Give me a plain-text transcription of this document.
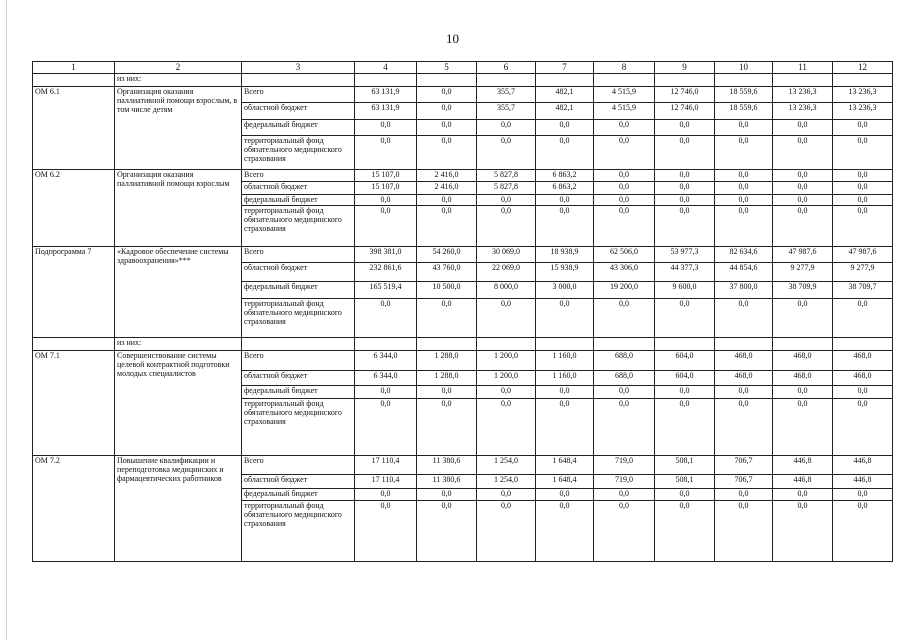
10
1	2	3	4	5	6	7	8	9	10	11	12
	из них:										
ОМ 6.1	Организация оказания паллиативной помощи взрослым, в том числе детям	Всего	63 131,9	0,0	355,7	482,1	4 515,9	12 746,0	18 559,6	13 236,3	13 236,3
		областной бюджет	63 131,9	0,0	355,7	482,1	4 515,9	12 746,0	18 559,6	13 236,3	13 236,3
		федеральный бюджет	0,0	0,0	0,0	0,0	0,0	0,0	0,0	0,0	0,0
		территориальный фонд обязательного медицинского страхования	0,0	0,0	0,0	0,0	0,0	0,0	0,0	0,0	0,0
ОМ 6.2	Организация оказания паллиативной помощи взрослым	Всего	15 107,0	2 416,0	5 827,8	6 863,2	0,0	0,0	0,0	0,0	0,0
		областной бюджет	15 107,0	2 416,0	5 827,8	6 863,2	0,0	0,0	0,0	0,0	0,0
		федеральный бюджет	0,0	0,0	0,0	0,0	0,0	0,0	0,0	0,0	0,0
		территориальный фонд обязательного медицинского страхования	0,0	0,0	0,0	0,0	0,0	0,0	0,0	0,0	0,0
Подпрограмма 7	«Кадровое обеспечение системы здравоохранения»***	Всего	398 381,0	54 260,0	30 069,0	18 938,9	62 506,0	53 977,3	82 634,6	47 987,6	47 987,6
		областной бюджет	232 861,6	43 760,0	22 069,0	15 938,9	43 306,0	44 377,3	44 854,6	9 277,9	9 277,9
		федеральный бюджет	165 519,4	10 500,0	8 000,0	3 000,0	19 200,0	9 600,0	37 800,0	38 709,9	38 709,7
		территориальный фонд обязательного медицинского страхования	0,0	0,0	0,0	0,0	0,0	0,0	0,0	0,0	0,0
	из них:										
ОМ 7.1	Совершенствование системы целевой контрактной подготовки молодых специалистов	Всего	6 344,0	1 288,0	1 200,0	1 160,0	688,0	604,0	468,0	468,0	468,0
		областной бюджет	6 344,0	1 288,0	1 200,0	1 160,0	688,0	604,0	468,0	468,0	468,0
		федеральный бюджет	0,0	0,0	0,0	0,0	0,0	0,0	0,0	0,0	0,0
		территориальный фонд обязательного медицинского страхования	0,0	0,0	0,0	0,0	0,0	0,0	0,0	0,0	0,0
ОМ 7.2	Повышение квалификации и переподготовка медицинских и фармацевтических работников	Всего	17 110,4	11 380,6	1 254,0	1 648,4	719,0	508,1	706,7	446,8	446,8
		областной бюджет	17 110,4	11 380,6	1 254,0	1 648,4	719,0	508,1	706,7	446,8	446,8
		федеральный бюджет	0,0	0,0	0,0	0,0	0,0	0,0	0,0	0,0	0,0
		территориальный фонд обязательного медицинского страхования	0,0	0,0	0,0	0,0	0,0	0,0	0,0	0,0	0,0
